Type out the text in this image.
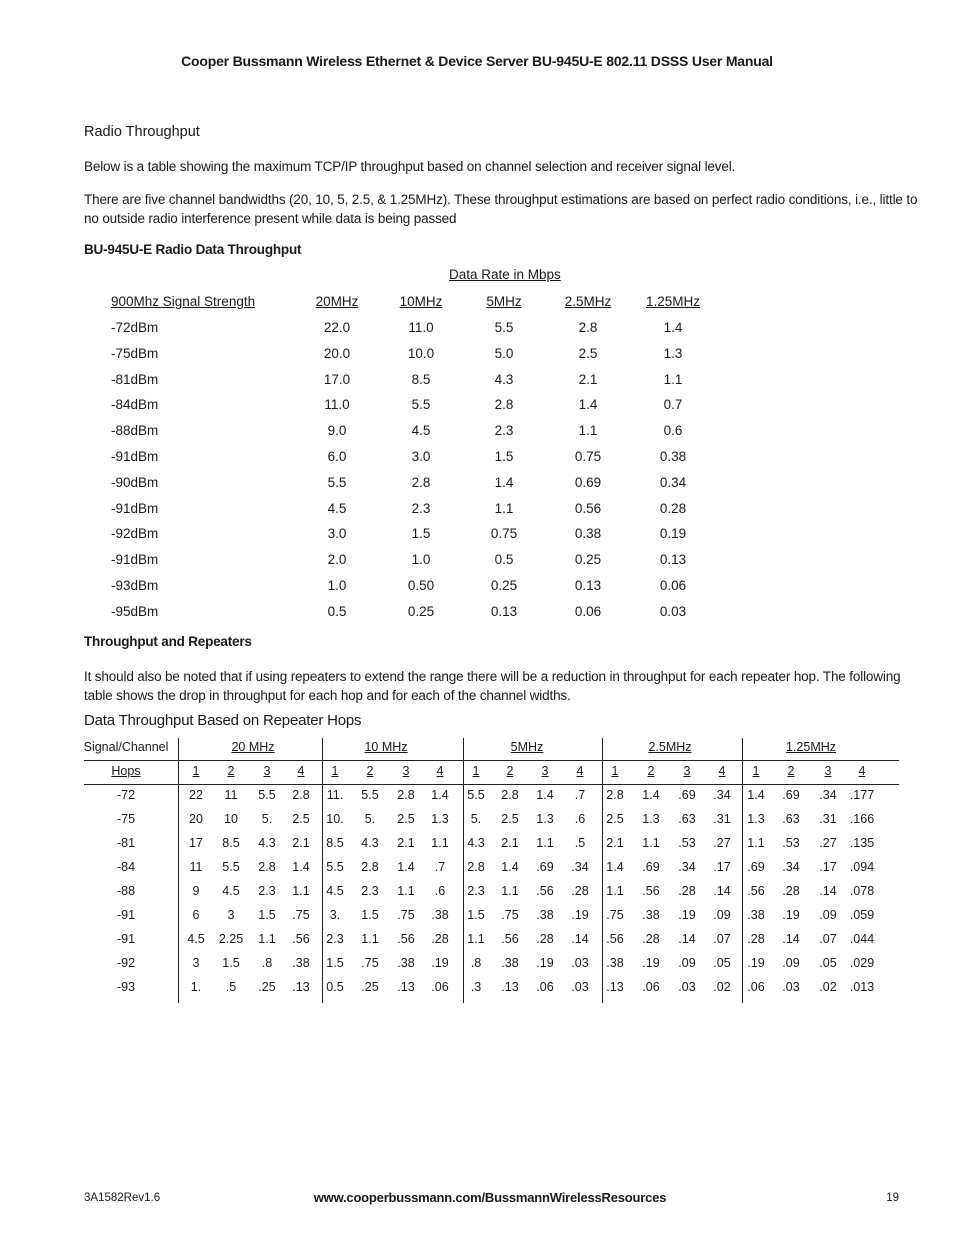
Cooper Bussmann Wireless Ethernet & Device Server BU-945U-E 802.11 DSSS User Manual
Radio Throughput
Below is a table showing the maximum TCP/IP throughput based on channel selection and receiver signal level.
There are five channel bandwidths (20, 10, 5, 2.5, & 1.25MHz). These throughput estimations are based on perfect radio conditions, i.e., little to
no outside radio interference present while data is being passed
BU-945U-E Radio Data Throughput
Data Rate in Mbps
900Mhz Signal Strength	20MHz	10MHz	5MHz	2.5MHz	1.25MHz
-72dBm	22.0	11.0	5.5	2.8	1.4
-75dBm	20.0	10.0	5.0	2.5	1.3
-81dBm	17.0	8.5	4.3	2.1	1.1
-84dBm	11.0	5.5	2.8	1.4	0.7
-88dBm	9.0	4.5	2.3	1.1	0.6
-91dBm	6.0	3.0	1.5	0.75	0.38
-90dBm	5.5	2.8	1.4	0.69	0.34
-91dBm	4.5	2.3	1.1	0.56	0.28
-92dBm	3.0	1.5	0.75	0.38	0.19
-91dBm	2.0	1.0	0.5	0.25	0.13
-93dBm	1.0	0.50	0.25	0.13	0.06
-95dBm	0.5	0.25	0.13	0.06	0.03
Throughput and Repeaters
It should also be noted that if using repeaters to extend the range there will be a reduction in throughput for each repeater hop. The following
table shows the drop in throughput for each hop and for each of the channel widths.
Data Throughput Based on Repeater Hops
Signal/Channel
Hops
20 MHz	10 MHz	5MHz	2.5MHz	1.25MHz
1 2 3 4 1 2 3 4 1 2 3 4 1 2 3 4 1 2 3 4
-72	22 11 5.5 2.8 11. 5.5 2.8 1.4 5.5 2.8 1.4 .7 2.8 1.4 .69 .34 1.4 .69 .34 .177
-75	20 10 5. 2.5 10. 5. 2.5 1.3 5. 2.5 1.3 .6 2.5 1.3 .63 .31 1.3 .63 .31 .166
-81	17 8.5 4.3 2.1 8.5 4.3 2.1 1.1 4.3 2.1 1.1 .5 2.1 1.1 .53 .27 1.1 .53 .27 .135
-84	11 5.5 2.8 1.4 5.5 2.8 1.4 .7 2.8 1.4 .69 .34 1.4 .69 .34 .17 .69 .34 .17 .094
-88	9 4.5 2.3 1.1 4.5 2.3 1.1 .6 2.3 1.1 .56 .28 1.1 .56 .28 .14 .56 .28 .14 .078
-91	6 3 1.5 .75 3. 1.5 .75 .38 1.5 .75 .38 .19 .75 .38 .19 .09 .38 .19 .09 .059
-91	4.5 2.25 1.1 .56 2.3 1.1 .56 .28 1.1 .56 .28 .14 .56 .28 .14 .07 .28 .14 .07 .044
-92	3 1.5 .8 .38 1.5 .75 .38 .19 .8 .38 .19 .03 .38 .19 .09 .05 .19 .09 .05 .029
-93	1. .5 .25 .13 0.5 .25 .13 .06 .3 .13 .06 .03 .13 .06 .03 .02 .06 .03 .02 .013
3A1582Rev1.6	www.cooperbussmann.com/BussmannWirelessResources	19
